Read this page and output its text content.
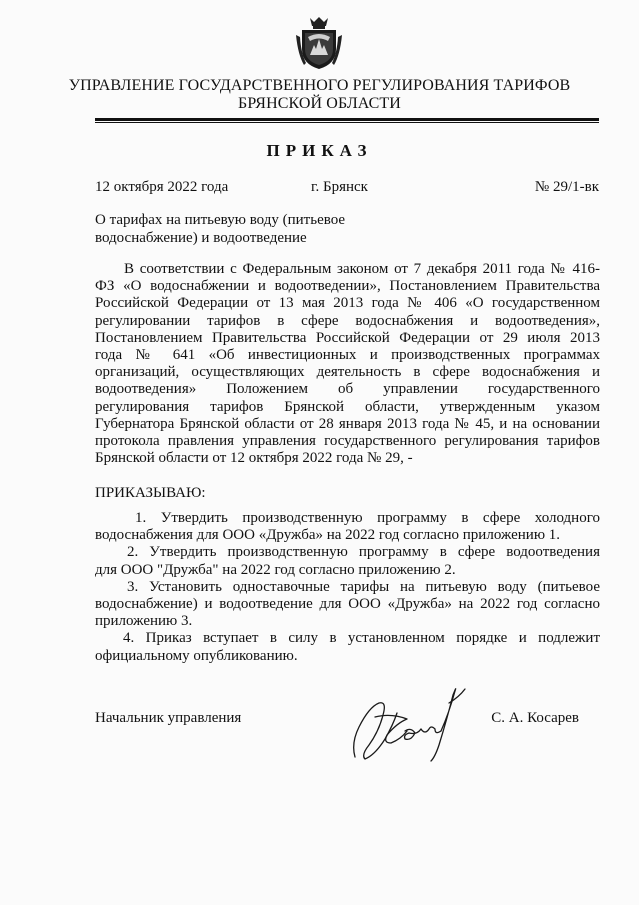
УПРАВЛЕНИЕ ГОСУДАРСТВЕННОГО РЕГУЛИРОВАНИЯ ТАРИФОВ
БРЯНСКОЙ ОБЛАСТИ
ПРИКАЗ
12 октября 2022 года	г. Брянск	№ 29/1-вк
О тарифах на питьевую воду (питьевое
водоснабжение) и водоотведение
В соответствии с Федеральным законом от 7 декабря 2011 года № 416-
ФЗ «О водоснабжении и водоотведении», Постановлением Правительства
Российской Федерации от 13 мая 2013 года № 406 «О государственном
регулировании тарифов в сфере водоснабжения и водоотведения»,
Постановлением Правительства Российской Федерации от 29 июля 2013
года № 641 «Об инвестиционных и производственных программах
организаций, осуществляющих деятельность в сфере водоснабжения и
водоотведения» Положением об управлении государственного
регулирования тарифов Брянской области, утвержденным указом
Губернатора Брянской области от 28 января 2013 года № 45, и на основании
протокола правления управления государственного регулирования тарифов
Брянской области от 12 октября 2022 года № 29, -
ПРИКАЗЫВАЮ:
1. Утвердить производственную программу в сфере холодного
водоснабжения для ООО «Дружба» на 2022 год согласно приложению 1.
2. Утвердить производственную программу в сфере водоотведения
для ООО "Дружба" на 2022 год согласно приложению 2.
3. Установить одноставочные тарифы на питьевую воду (питьевое
водоснабжение) и водоотведение для ООО «Дружба» на 2022 год согласно
приложению 3.
4. Приказ вступает в силу в установленном порядке и подлежит
официальному опубликованию.
Начальник управления	С. А. Косарев
